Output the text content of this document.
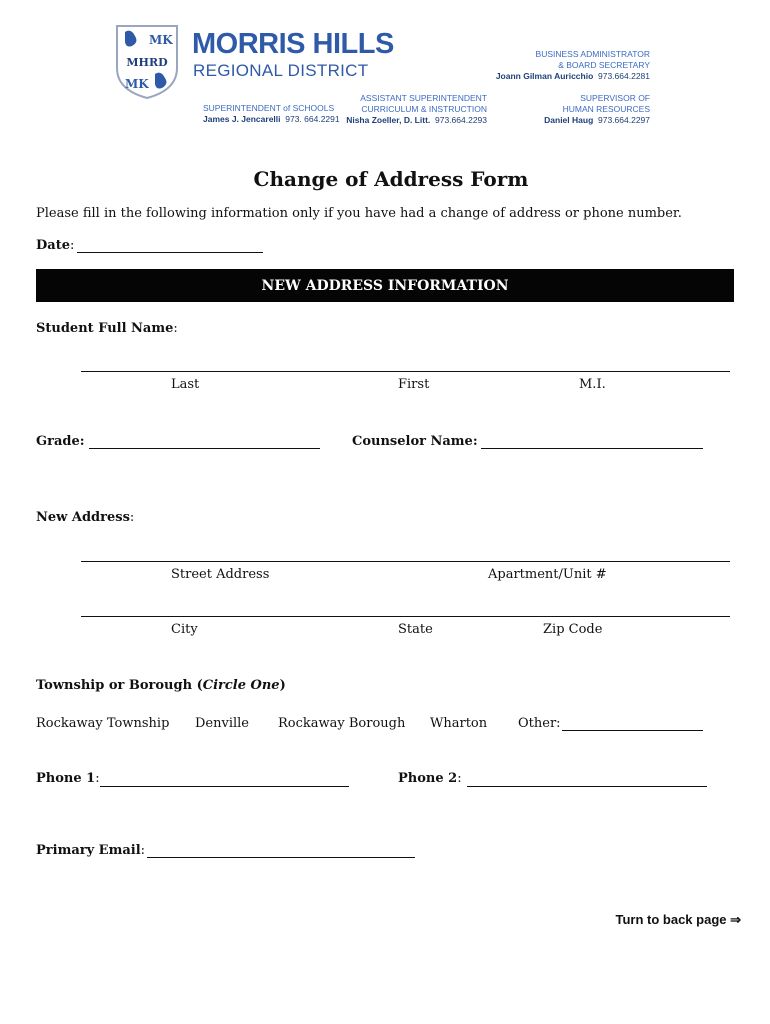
MK
MK
MHRD
MORRIS HILLS
REGIONAL DISTRICT
BUSINESS ADMINISTRATOR
& BOARD SECRETARY
Joann Gilman Auricchio 973.664.2281
SUPERINTENDENT of SCHOOLS
James J. Jencarelli 973. 664.2291
ASSISTANT SUPERINTENDENT
CURRICULUM & INSTRUCTION
Nisha Zoeller, D. Litt. 973.664.2293
SUPERVISOR OF
HUMAN RESOURCES
Daniel Haug 973.664.2297
Change of Address Form
Please fill in the following information only if you have had a change of address or phone number.
Date:
NEW ADDRESS INFORMATION
Student Full Name:
Last	First	M.I.
Grade:	Counselor Name:
New Address:
Street Address	Apartment/Unit #
City	State	Zip Code
Township or Borough (Circle One)
Rockaway Township Denville Rockaway Borough Wharton Other:
Phone 1:	Phone 2:
Primary Email:
Turn to back page ⇒
